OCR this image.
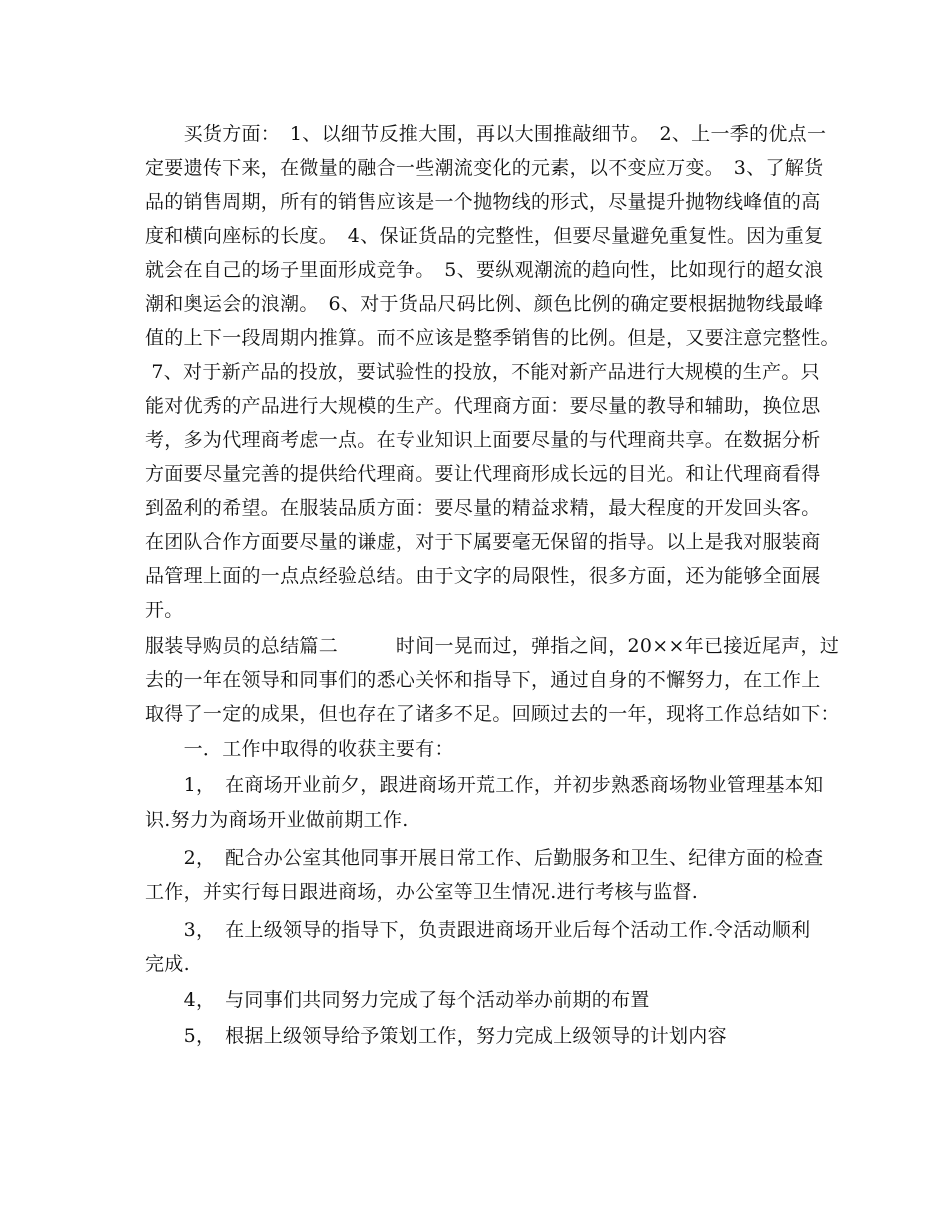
　　买货方面：　1、以细节反推大围，再以大围推敲细节。　2、上一季的优点一
定要遗传下来，在微量的融合一些潮流变化的元素，以不变应万变。　3、了解货
品的销售周期，所有的销售应该是一个抛物线的形式，尽量提升抛物线峰值的高
度和横向座标的长度。　4、保证货品的完整性，但要尽量避免重复性。因为重复
就会在自己的场子里面形成竞争。　5、要纵观潮流的趋向性，比如现行的超女浪
潮和奥运会的浪潮。　6、对于货品尺码比例、颜色比例的确定要根据抛物线最峰
值的上下一段周期内推算。而不应该是整季销售的比例。但是，又要注意完整性。
7、对于新产品的投放，要试验性的投放，不能对新产品进行大规模的生产。只
能对优秀的产品进行大规模的生产。代理商方面：要尽量的教导和辅助，换位思
考，多为代理商考虑一点。在专业知识上面要尽量的与代理商共享。在数据分析
方面要尽量完善的提供给代理商。要让代理商形成长远的目光。和让代理商看得
到盈利的希望。在服装品质方面：要尽量的精益求精，最大程度的开发回头客。
在团队合作方面要尽量的谦虚，对于下属要毫无保留的指导。以上是我对服装商
品管理上面的一点点经验总结。由于文字的局限性，很多方面，还为能够全面展
开。
服装导购员的总结篇二　　　时间一晃而过，弹指之间，20××年已接近尾声，过
去的一年在领导和同事们的悉心关怀和指导下，通过自身的不懈努力，在工作上
取得了一定的成果，但也存在了诸多不足。回顾过去的一年，现将工作总结如下：
　　一．工作中取得的收获主要有：
　　1，　在商场开业前夕，跟进商场开荒工作，并初步熟悉商场物业管理基本知
识.努力为商场开业做前期工作.
　　2，　配合办公室其他同事开展日常工作、后勤服务和卫生、纪律方面的检查
工作，并实行每日跟进商场，办公室等卫生情况.进行考核与监督.
　　3，　在上级领导的指导下，负责跟进商场开业后每个活动工作.令活动顺利
完成.
　　4，　与同事们共同努力完成了每个活动举办前期的布置
　　5，　根据上级领导给予策划工作，努力完成上级领导的计划内容
